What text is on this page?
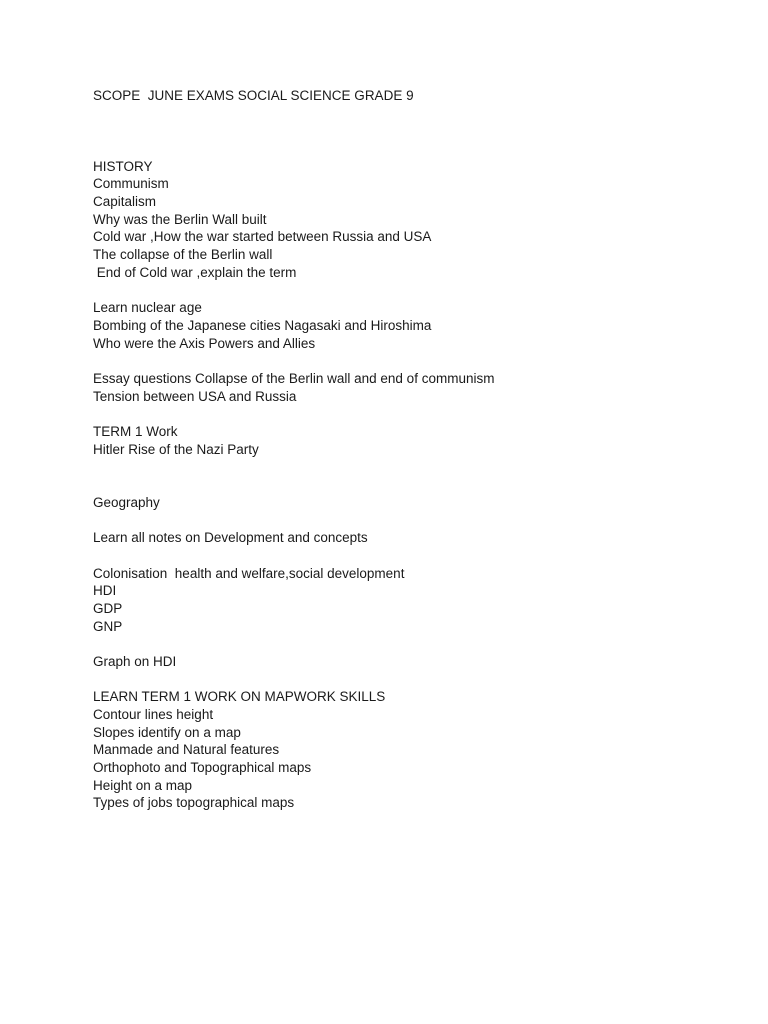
SCOPE  JUNE EXAMS SOCIAL SCIENCE GRADE 9
HISTORY
Communism
Capitalism
Why was the Berlin Wall built
Cold war ,How the war started between Russia and USA
The collapse of the Berlin wall
End of Cold war ,explain the term
Learn nuclear age
Bombing of the Japanese cities Nagasaki and Hiroshima
Who were the Axis Powers and Allies
Essay questions Collapse of the Berlin wall and end of communism
Tension between USA and Russia
TERM 1 Work
Hitler Rise of the Nazi Party
Geography
Learn all notes on Development and concepts
Colonisation  health and welfare,social development
HDI
GDP
GNP
Graph on HDI
LEARN TERM 1 WORK ON MAPWORK SKILLS
Contour lines height
Slopes identify on a map
Manmade and Natural features
Orthophoto and Topographical maps
Height on a map
Types of jobs topographical maps
